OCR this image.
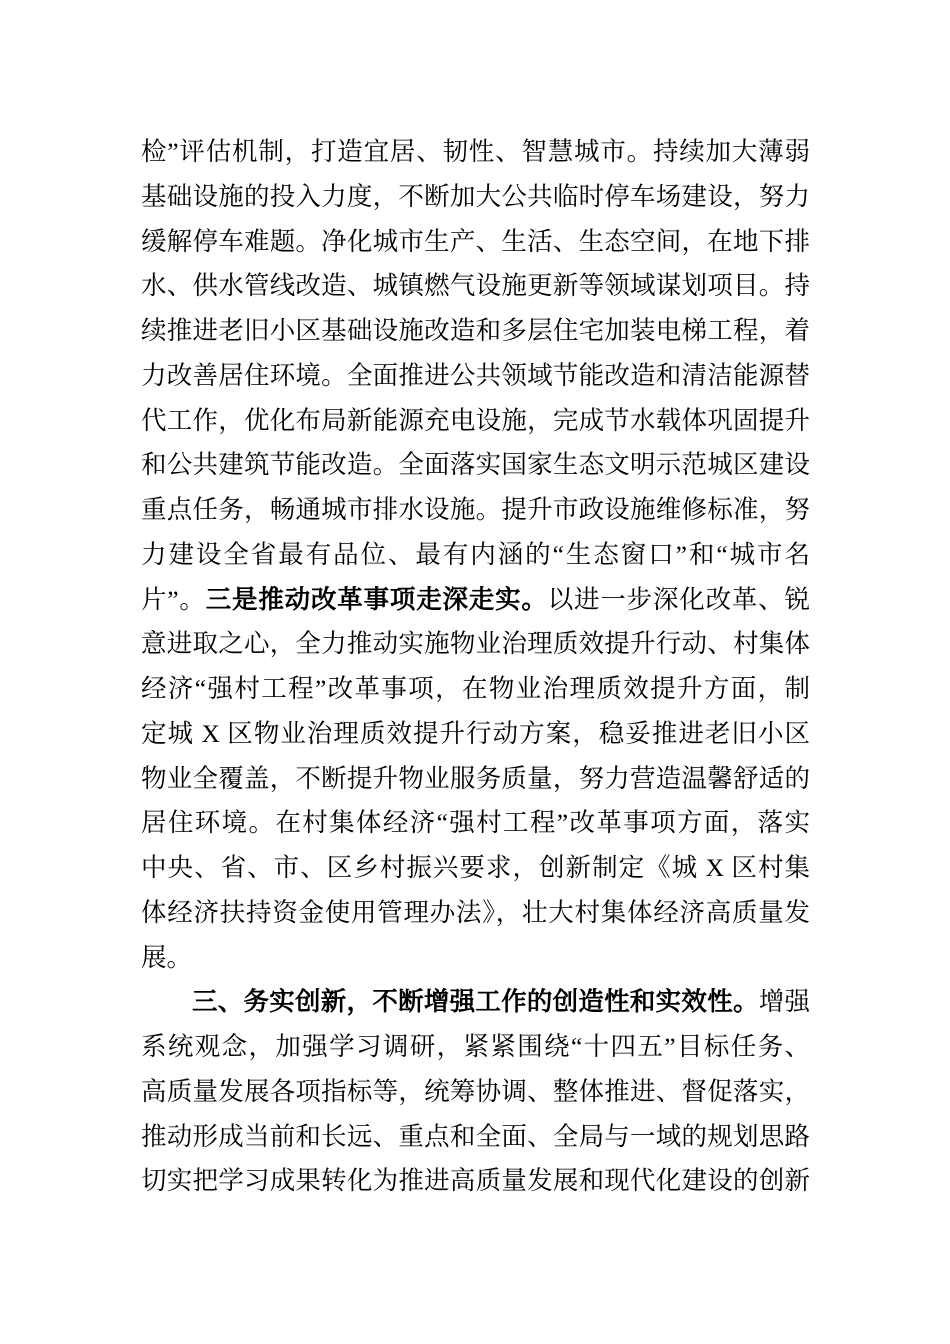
检”评估机制，打造宜居、韧性、智慧城市。持续加大薄弱
基础设施的投入力度，不断加大公共临时停车场建设，努力
缓解停车难题。净化城市生产、生活、生态空间，在地下排
水、供水管线改造、城镇燃气设施更新等领域谋划项目。持
续推进老旧小区基础设施改造和多层住宅加装电梯工程，着
力改善居住环境。全面推进公共领域节能改造和清洁能源替
代工作，优化布局新能源充电设施，完成节水载体巩固提升
和公共建筑节能改造。全面落实国家生态文明示范城区建设
重点任务，畅通城市排水设施。提升市政设施维修标准，努
力建设全省最有品位、最有内涵的“生态窗口”和“城市名
片”。三是推动改革事项走深走实。以进一步深化改革、锐
意进取之心，全力推动实施物业治理质效提升行动、村集体
经济“强村工程”改革事项，在物业治理质效提升方面，制
定城 X 区物业治理质效提升行动方案，稳妥推进老旧小区
物业全覆盖，不断提升物业服务质量，努力营造温馨舒适的
居住环境。在村集体经济“强村工程”改革事项方面，落实
中央、省、市、区乡村振兴要求，创新制定《城 X 区村集
体经济扶持资金使用管理办法》，壮大村集体经济高质量发
展。
三、务实创新，不断增强工作的创造性和实效性。增强
系统观念，加强学习调研，紧紧围绕“十四五”目标任务、
高质量发展各项指标等，统筹协调、整体推进、督促落实，
推动形成当前和长远、重点和全面、全局与一域的规划思路
切实把学习成果转化为推进高质量发展和现代化建设的创新
